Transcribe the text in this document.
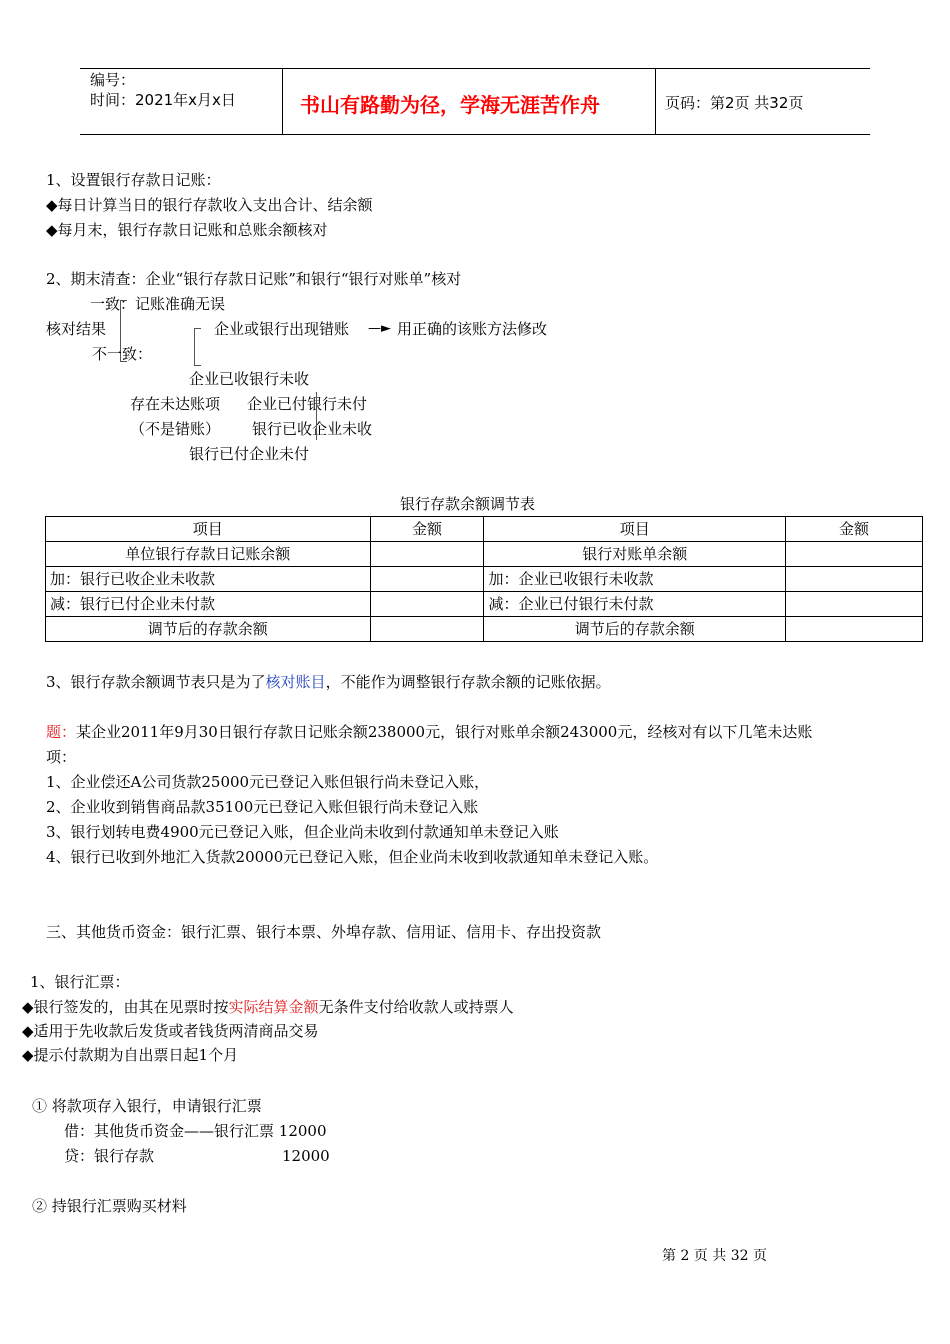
编号：
时间：2021年x月x日	书山有路勤为径，学海无涯苦作舟	页码：第2页 共32页
1、设置银行存款日记账：
◆每日计算当日的银行存款收入支出合计、结余额
◆每月末，银行存款日记账和总账余额核对
2、期末清查：企业“银行存款日记账”和银行“银行对账单”核对
一致：记账准确无误
核对结果	企业或银行出现错账 —► 用正确的该账方法修改
不一致：
企业已收银行未收
存在未达账项 企业已付银行未付
（不是错账） 银行已收企业未收
银行已付企业未付
银行存款余额调节表
项目	金额	项目	金额
单位银行存款日记账余额		银行对账单余额	
加：银行已收企业未收款		加：企业已收银行未收款	
减：银行已付企业未付款		减：企业已付银行未付款	
调节后的存款余额		调节后的存款余额	
3、银行存款余额调节表只是为了核对账目，不能作为调整银行存款余额的记账依据。
题：某企业2011年9月30日银行存款日记账余额238000元，银行对账单余额243000元，经核对有以下几笔未达账
项：
1、企业偿还A公司货款25000元已登记入账但银行尚未登记入账，
2、企业收到销售商品款35100元已登记入账但银行尚未登记入账
3、银行划转电费4900元已登记入账，但企业尚未收到付款通知单未登记入账
4、银行已收到外地汇入货款20000元已登记入账，但企业尚未收到收款通知单未登记入账。
三、其他货币资金：银行汇票、银行本票、外埠存款、信用证、信用卡、存出投资款
1、银行汇票：
◆银行签发的，由其在见票时按实际结算金额无条件支付给收款人或持票人
◆适用于先收款后发货或者钱货两清商品交易
◆提示付款期为自出票日起1个月
① 将款项存入银行，申请银行汇票
借：其他货币资金——银行汇票 12000
贷：银行存款	12000
② 持银行汇票购买材料
第 2 页 共 32 页
